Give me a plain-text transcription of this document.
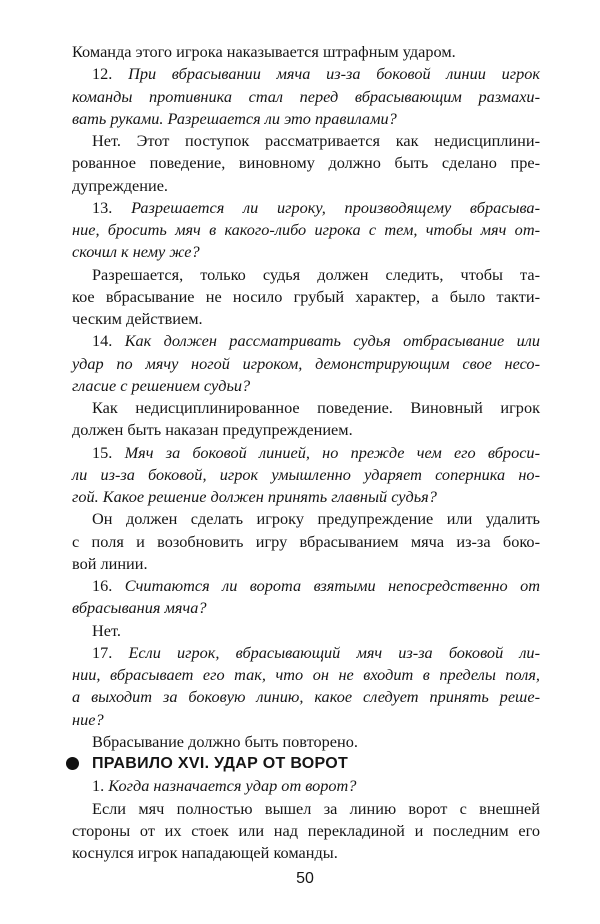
Команда этого игрока наказывается штрафным ударом.
12. При вбрасывании мяча из-за боковой линии игрок
команды противника стал перед вбрасывающим размахи-
вать руками. Разрешается ли это правилами?
Нет. Этот поступок рассматривается как недисциплини-
рованное поведение, виновному должно быть сделано пре-
дупреждение.
13. Разрешается ли игроку, производящему вбрасыва-
ние, бросить мяч в какого-либо игрока с тем, чтобы мяч от-
скочил к нему же?
Разрешается, только судья должен следить, чтобы та-
кое вбрасывание не носило грубый характер, а было такти-
ческим действием.
14. Как должен рассматривать судья отбрасывание или
удар по мячу ногой игроком, демонстрирующим свое несо-
гласие с решением судьи?
Как недисциплинированное поведение. Виновный игрок
должен быть наказан предупреждением.
15. Мяч за боковой линией, но прежде чем его вброси-
ли из-за боковой, игрок умышленно ударяет соперника но-
гой. Какое решение должен принять главный судья?
Он должен сделать игроку предупреждение или удалить
с поля и возобновить игру вбрасыванием мяча из-за боко-
вой линии.
16. Считаются ли ворота взятыми непосредственно от
вбрасывания мяча?
Нет.
17. Если игрок, вбрасывающий мяч из-за боковой ли-
нии, вбрасывает его так, что он не входит в пределы поля,
а выходит за боковую линию, какое следует принять реше-
ние?
Вбрасывание должно быть повторено.
ПРАВИЛО XVI. УДАР ОТ ВОРОТ
1. Когда назначается удар от ворот?
Если мяч полностью вышел за линию ворот с внешней
стороны от их стоек или над перекладиной и последним его
коснулся игрок нападающей команды.
50
